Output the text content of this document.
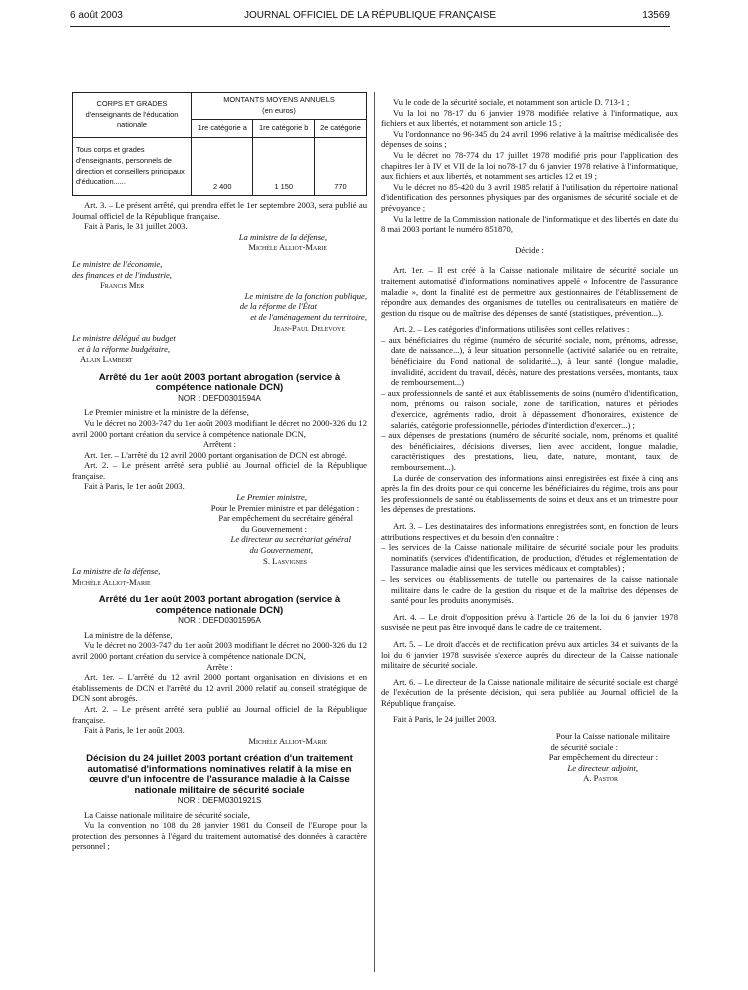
6 août 2003	JOURNAL OFFICIEL DE LA RÉPUBLIQUE FRANÇAISE	13569
CORPS ET GRADES d'enseignants de l'éducation nationale	MONTANTS MOYENS ANNUELS
(en euros)		

	1re catégorie a	1re catégorie b	2e catégorie
Tous corps et grades d'enseignants, personnels de direction et conseillers principaux d'éducation......	2 400	1 150	770

Art. 3. – Le présent arrêté, qui prendra effet le 1er septembre 2003, sera publié au Journal officiel de la République française.

Fait à Paris, le 31 juillet 2003.

La ministre de la défense,

Michèle Alliot-Marie

Le ministre de l'économie,

des finances et de l'industrie,

Francis Mer

Le ministre de la fonction publique,

de la réforme de l'État

et de l'aménagement du territoire,

Jean-Paul Delevoye

Le ministre délégué au budget

et à la réforme budgétaire,

Alain Lambert

Arrêté du 1er août 2003 portant abrogation (service à compétence nationale DCN)
NOR : DEFD0301594A

Le Premier ministre et la ministre de la défense,

Vu le décret no 2003-747 du 1er août 2003 modifiant le décret no 2000-326 du 12 avril 2000 portant création du service à compétence nationale DCN,

Arrêtent :

Art. 1er. – L'arrêté du 12 avril 2000 portant organisation de DCN est abrogé.

Art. 2. – Le présent arrêté sera publié au Journal officiel de la République française.

Fait à Paris, le 1er août 2003.

Le Premier ministre,

Pour le Premier ministre et par délégation :

Par empêchement du secrétaire général

du Gouvernement :

Le directeur au secrétariat général

du Gouvernement,

S. Lasvignes

La ministre de la défense,

Michèle Alliot-Marie

Arrêté du 1er août 2003 portant abrogation (service à compétence nationale DCN)
NOR : DEFD0301595A

La ministre de la défense,

Vu le décret no 2003-747 du 1er août 2003 modifiant le décret no 2000-326 du 12 avril 2000 portant création du service à compétence nationale DCN,

Arrête :

Art. 1er. – L'arrêté du 12 avril 2000 portant organisation en divisions et en établissements de DCN et l'arrêté du 12 avril 2000 relatif au conseil stratégique de DCN sont abrogés.

Art. 2. – Le présent arrêté sera publié au Journal officiel de la République française.

Fait à Paris, le 1er août 2003.

Michèle Alliot-Marie

Décision du 24 juillet 2003 portant création d'un traitement automatisé d'informations nominatives relatif à la mise en œuvre d'un infocentre de l'assurance maladie à la Caisse nationale militaire de sécurité sociale
NOR : DEFM0301921S

La Caisse nationale militaire de sécurité sociale,

Vu la convention no 108 du 28 janvier 1981 du Conseil de l'Europe pour la protection des personnes à l'égard du traitement automatisé des données à caractère personnel ;

Vu le code de la sécurité sociale, et notamment son article D. 713-1 ;

Vu la loi no 78-17 du 6 janvier 1978 modifiée relative à l'informatique, aux fichiers et aux libertés, et notamment son article 15 ;

Vu l'ordonnance no 96-345 du 24 avril 1996 relative à la maîtrise médicalisée des dépenses de soins ;

Vu le décret no 78-774 du 17 juillet 1978 modifié pris pour l'application des chapitres Ier à IV et VII de la loi no78-17 du 6 janvier 1978 relative à l'informatique, aux fichiers et aux libertés, et notamment ses articles 12 et 19 ;

Vu le décret no 85-420 du 3 avril 1985 relatif à l'utilisation du répertoire national d'identification des personnes physiques par des organismes de sécurité sociale et de prévoyance ;

Vu la lettre de la Commission nationale de l'informatique et des libertés en date du 8 mai 2003 portant le numéro 851870,

Décide :

Art. 1er. – Il est créé à la Caisse nationale militaire de sécurité sociale un traitement automatisé d'informations nominatives appelé « Infocentre de l'assurance maladie », dont la finalité est de permettre aux gestionnaires de l'établissement de répondre aux demandes des organismes de tutelles ou centralisateurs en matière de gestion du risque ou de maîtrise des dépenses de santé (statistiques, prévention...).

Art. 2. – Les catégories d'informations utilisées sont celles relatives :

– aux bénéficiaires du régime (numéro de sécurité sociale, nom, prénoms, adresse, date de naissance...), à leur situation personnelle (activité salariée ou en retraite, bénéficiaire du Fond national de solidarité...), à leur santé (longue maladie, invalidité, accident du travail, décès, nature des prestations versées, montants, taux de remboursement...)

– aux professionnels de santé et aux établissements de soins (numéro d'identification, nom, prénoms ou raison sociale, zone de tarification, natures et périodes d'exercice, agréments radio, droit à dépassement d'honoraires, existence de salariés, catégorie professionnelle, périodes d'interdiction d'exercer...) ;

– aux dépenses de prestations (numéro de sécurité sociale, nom, prénoms et qualité des bénéficiaires, décisions diverses, lien avec accident, longue maladie, caractéristiques des prestations, lieu, date, nature, montant, taux de remboursement...).

La durée de conservation des informations ainsi enregistrées est fixée à cinq ans après la fin des droits pour ce qui concerne les bénéficiaires du régime, trois ans pour les professionnels de santé ou établissements de soins et deux ans et un trimestre pour les dépenses de prestations.

Art. 3. – Les destinataires des informations enregistrées sont, en fonction de leurs attributions respectives et du besoin d'en connaître :

– les services de la Caisse nationale militaire de sécurité sociale pour les produits nominatifs (services d'identification, de production, d'études et réglementation de l'assurance maladie ainsi que les services médicaux et comptables) ;

– les services ou établissements de tutelle ou partenaires de la caisse nationale militaire dans le cadre de la gestion du risque et de la maîtrise des dépenses de santé pour les produits anonymisés.

Art. 4. – Le droit d'opposition prévu à l'article 26 de la loi du 6 janvier 1978 susvisée ne peut pas être invoqué dans le cadre de ce traitement.

Art. 5. – Le droit d'accès et de rectification prévu aux articles 34 et suivants de la loi du 6 janvier 1978 susvisée s'exerce auprès du directeur de la Caisse nationale militaire de sécurité sociale.

Art. 6. – Le directeur de la Caisse nationale militaire de sécurité sociale est chargé de l'exécution de la présente décision, qui sera publiée au Journal officiel de la République française.

Fait à Paris, le 24 juillet 2003.

Pour la Caisse nationale militaire

de sécurité sociale :

Par empêchement du directeur :

Le directeur adjoint,

A. Pastor
